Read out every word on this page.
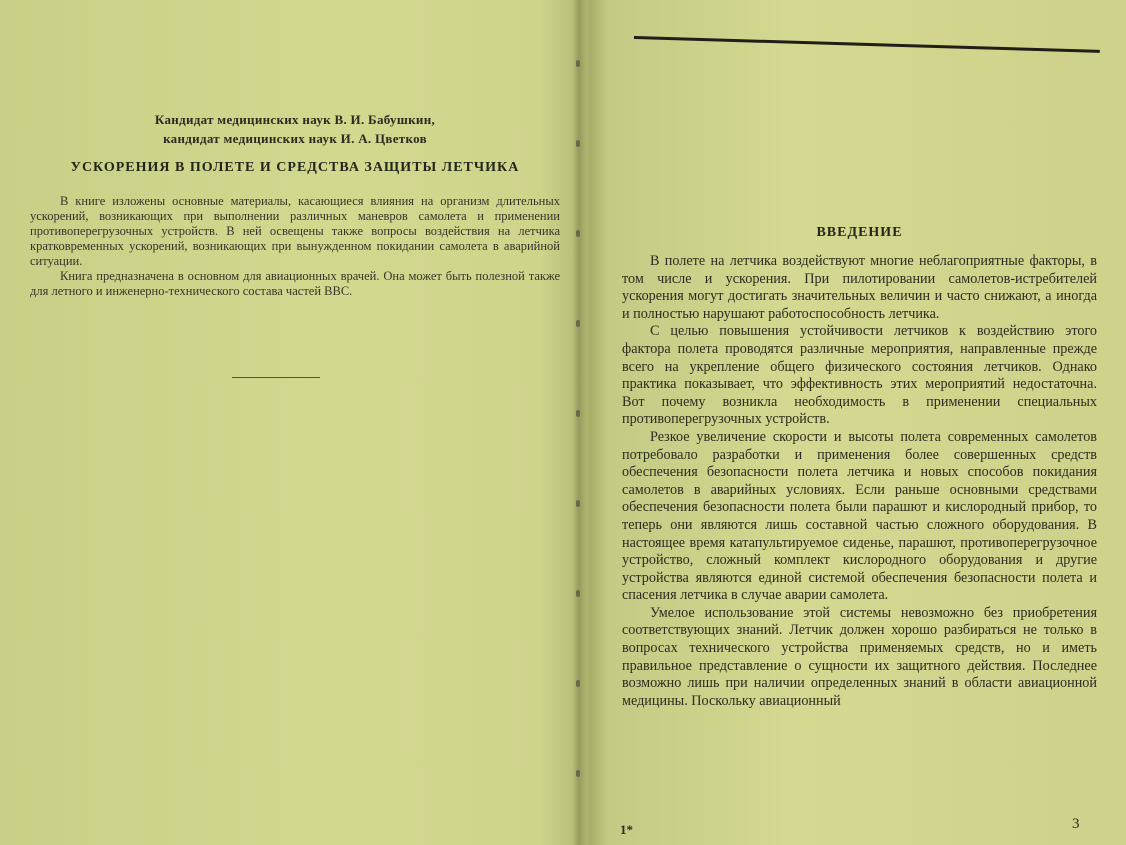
Кандидат медицинских наук В. И. Бабушкин,

кандидат медицинских наук И. А. Цветков

УСКОРЕНИЯ В ПОЛЕТЕ И СРЕДСТВА ЗАЩИТЫ ЛЕТЧИКА

В книге изложены основные материалы, касающиеся влияния на организм длительных ускорений, возникающих при выполнении различных маневров самолета и применении противоперегрузочных устройств. В ней освещены также вопросы воздействия на летчика кратковременных ускорений, возникающих при вынужденном покидании самолета в аварийной ситуации.

Книга предназначена в основном для авиационных врачей. Она может быть полезной также для летного и инженерно-технического состава частей ВВС.

ВВЕДЕНИЕ

В полете на летчика воздействуют многие неблагоприятные факторы, в том числе и ускорения. При пилотировании самолетов-истребителей ускорения могут достигать значительных величин и часто снижают, а иногда и полностью нарушают работоспособность летчика.

С целью повышения устойчивости летчиков к воздействию этого фактора полета проводятся различные мероприятия, направленные прежде всего на укрепление общего физического состояния летчиков. Однако практика показывает, что эффективность этих мероприятий недостаточна. Вот почему возникла необходимость в применении специальных противоперегрузочных устройств.

Резкое увеличение скорости и высоты полета современных самолетов потребовало разработки и применения более совершенных средств обеспечения безопасности полета летчика и новых способов покидания самолетов в аварийных условиях. Если раньше основными средствами обеспечения безопасности полета были парашют и кислородный прибор, то теперь они являются лишь составной частью сложного оборудования. В настоящее время катапультируемое сиденье, парашют, противоперегрузочное устройство, сложный комплект кислородного оборудования и другие устройства являются единой системой обеспечения безопасности полета и спасения летчика в случае аварии самолета.

Умелое использование этой системы невозможно без приобретения соответствующих знаний. Летчик должен хорошо разбираться не только в вопросах технического устройства применяемых средств, но и иметь правильное представление о сущности их защитного действия. Последнее возможно лишь при наличии определенных знаний в области авиационной медицины. Поскольку авиационный

1*	3
